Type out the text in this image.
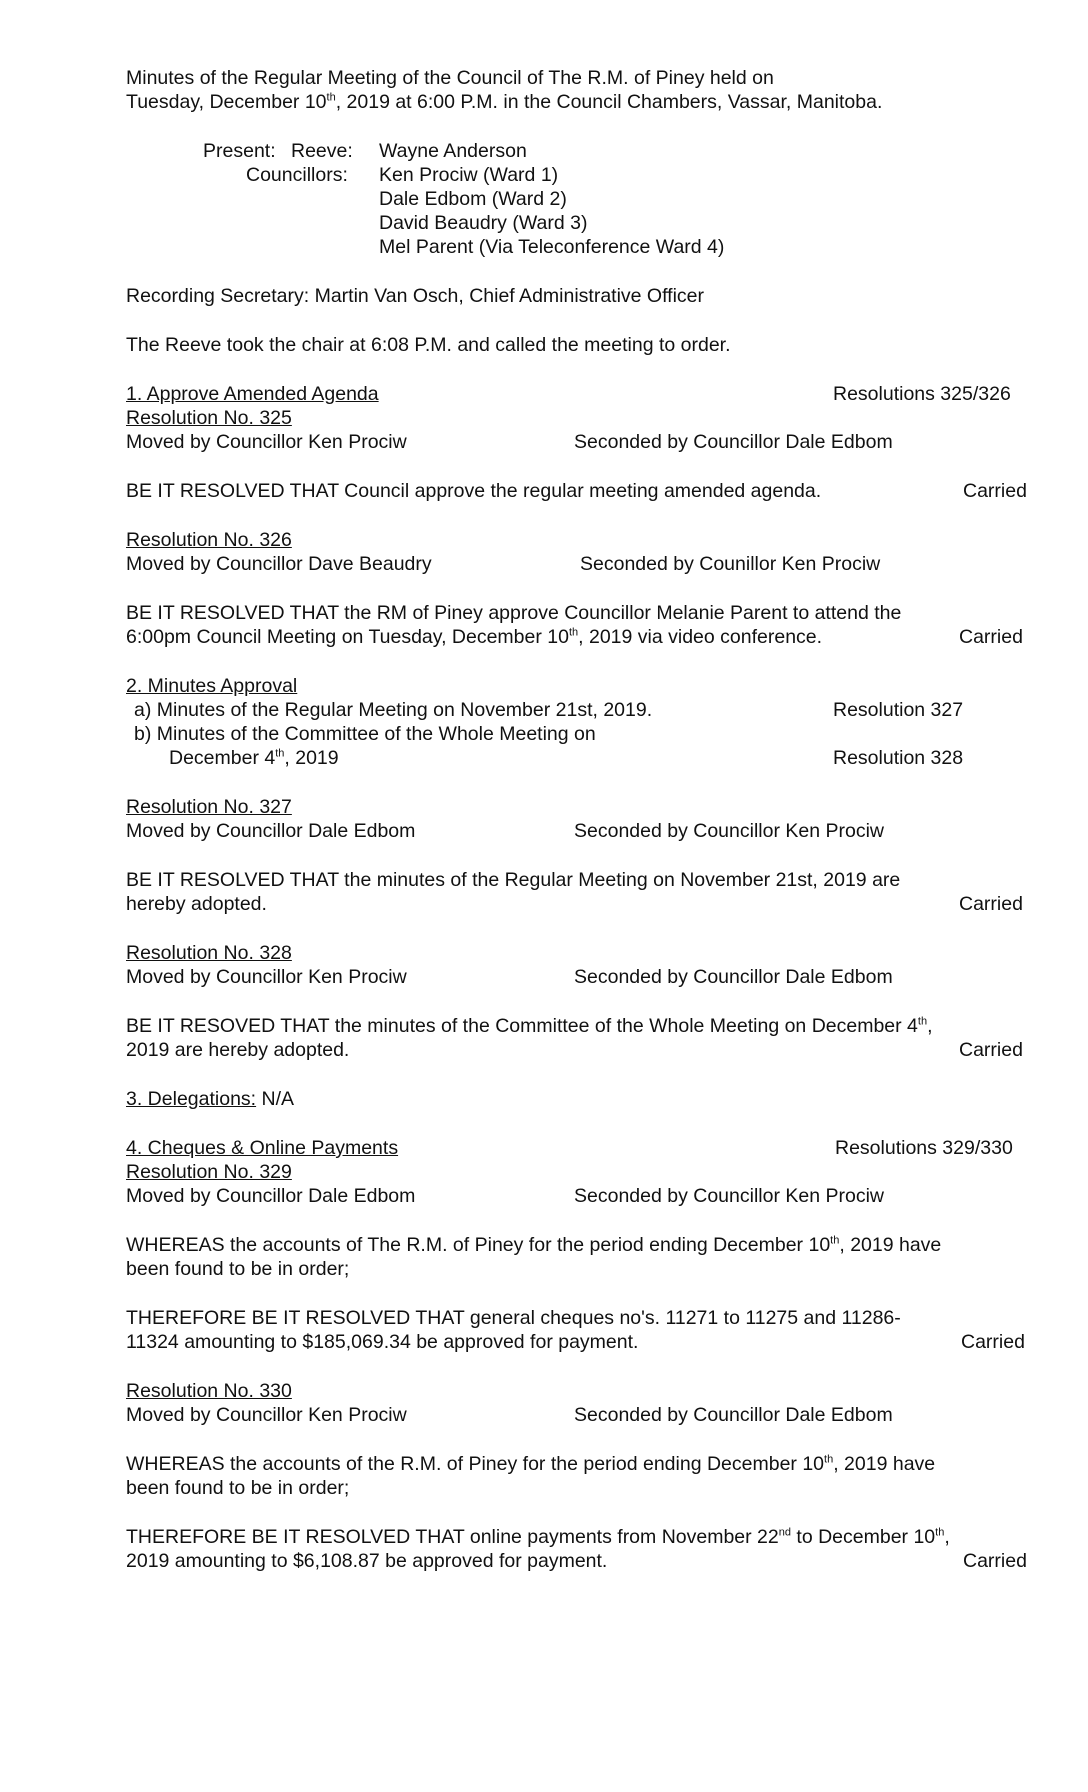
Minutes of the Regular Meeting of the Council of The R.M. of Piney held on
Tuesday, December 10th, 2019 at 6:00 P.M. in the Council Chambers, Vassar, Manitoba.
Present: Reeve: Wayne Anderson
Councillors: Ken Prociw (Ward 1)
Dale Edbom (Ward 2)
David Beaudry (Ward 3)
Mel Parent (Via Teleconference Ward 4)
Recording Secretary: Martin Van Osch, Chief Administrative Officer
The Reeve took the chair at 6:08 P.M. and called the meeting to order.
1. Approve Amended Agenda	Resolutions 325/326
Resolution No. 325
Moved by Councillor Ken Prociw	Seconded by Councillor Dale Edbom
BE IT RESOLVED THAT Council approve the regular meeting amended agenda.	Carried
Resolution No. 326
Moved by Councillor Dave Beaudry	Seconded by Counillor Ken Prociw
BE IT RESOLVED THAT the RM of Piney approve Councillor Melanie Parent to attend the
6:00pm Council Meeting on Tuesday, December 10th, 2019 via video conference.	Carried
2. Minutes Approval
a) Minutes of the Regular Meeting on November 21st, 2019.	Resolution 327
b) Minutes of the Committee of the Whole Meeting on
December 4th, 2019	Resolution 328
Resolution No. 327
Moved by Councillor Dale Edbom	Seconded by Councillor Ken Prociw
BE IT RESOLVED THAT the minutes of the Regular Meeting on November 21st, 2019 are
hereby adopted.	Carried
Resolution No. 328
Moved by Councillor Ken Prociw	Seconded by Councillor Dale Edbom
BE IT RESOVED THAT the minutes of the Committee of the Whole Meeting on December 4th,
2019 are hereby adopted.	Carried
3. Delegations: N/A
4. Cheques & Online Payments	Resolutions 329/330
Resolution No. 329
Moved by Councillor Dale Edbom	Seconded by Councillor Ken Prociw
WHEREAS the accounts of The R.M. of Piney for the period ending December 10th, 2019 have
been found to be in order;
THEREFORE BE IT RESOLVED THAT general cheques no's. 11271 to 11275 and 11286-
11324 amounting to $185,069.34 be approved for payment.	Carried
Resolution No. 330
Moved by Councillor Ken Prociw	Seconded by Councillor Dale Edbom
WHEREAS the accounts of the R.M. of Piney for the period ending December 10th, 2019 have
been found to be in order;
THEREFORE BE IT RESOLVED THAT online payments from November 22nd to December 10th,
2019 amounting to $6,108.87 be approved for payment.	Carried
